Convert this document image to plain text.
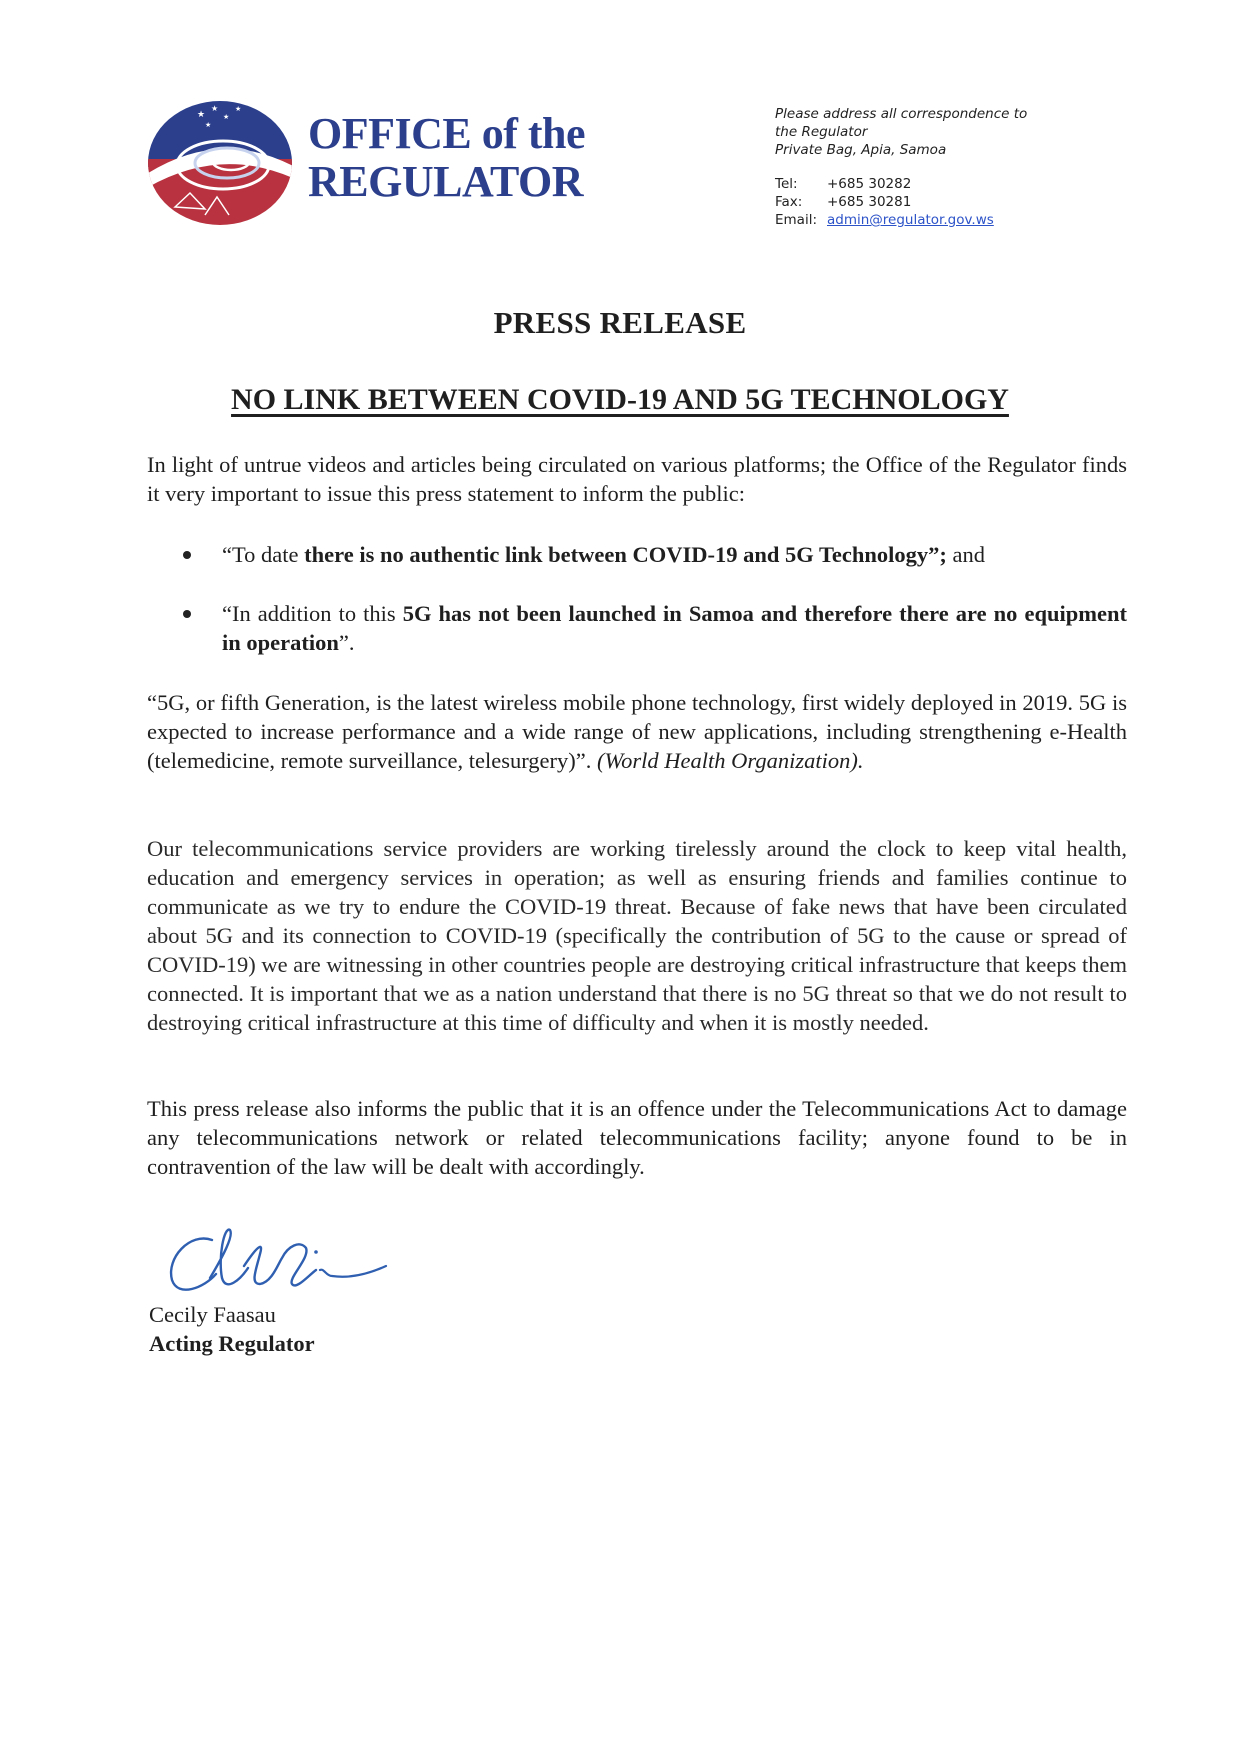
★
★
★
★
★ OFFICE of the
REGULATOR
Please address all correspondence to
the Regulator
Private Bag, Apia, Samoa
Tel:	+685 30282
Fax:	+685 30281
Email: admin@regulator.gov.ws
PRESS RELEASE
NO LINK BETWEEN COVID-19 AND 5G TECHNOLOGY
In light of untrue videos and articles being circulated on various platforms; the Office of the Regulator finds it very important to issue this press statement to inform the public:
“To date there is no authentic link between COVID-19 and 5G Technology”; and
“In addition to this 5G has not been launched in Samoa and therefore there are no equipment in operation”.
“5G, or fifth Generation, is the latest wireless mobile phone technology, first widely deployed in 2019. 5G is expected to increase performance and a wide range of new applications, including strengthening e-Health (telemedicine, remote surveillance, telesurgery)”. (World Health Organization).
Our telecommunications service providers are working tirelessly around the clock to keep vital health, education and emergency services in operation; as well as ensuring friends and families continue to communicate as we try to endure the COVID-19 threat. Because of fake news that have been circulated about 5G and its connection to COVID-19 (specifically the contribution of 5G to the cause or spread of COVID-19) we are witnessing in other countries people are destroying critical infrastructure that keeps them connected. It is important that we as a nation understand that there is no 5G threat so that we do not result to destroying critical infrastructure at this time of difficulty and when it is mostly needed.
This press release also informs the public that it is an offence under the Telecommunications Act to damage any telecommunications network or related telecommunications facility; anyone found to be in contravention of the law will be dealt with accordingly.
Cecily Faasau
Acting Regulator
